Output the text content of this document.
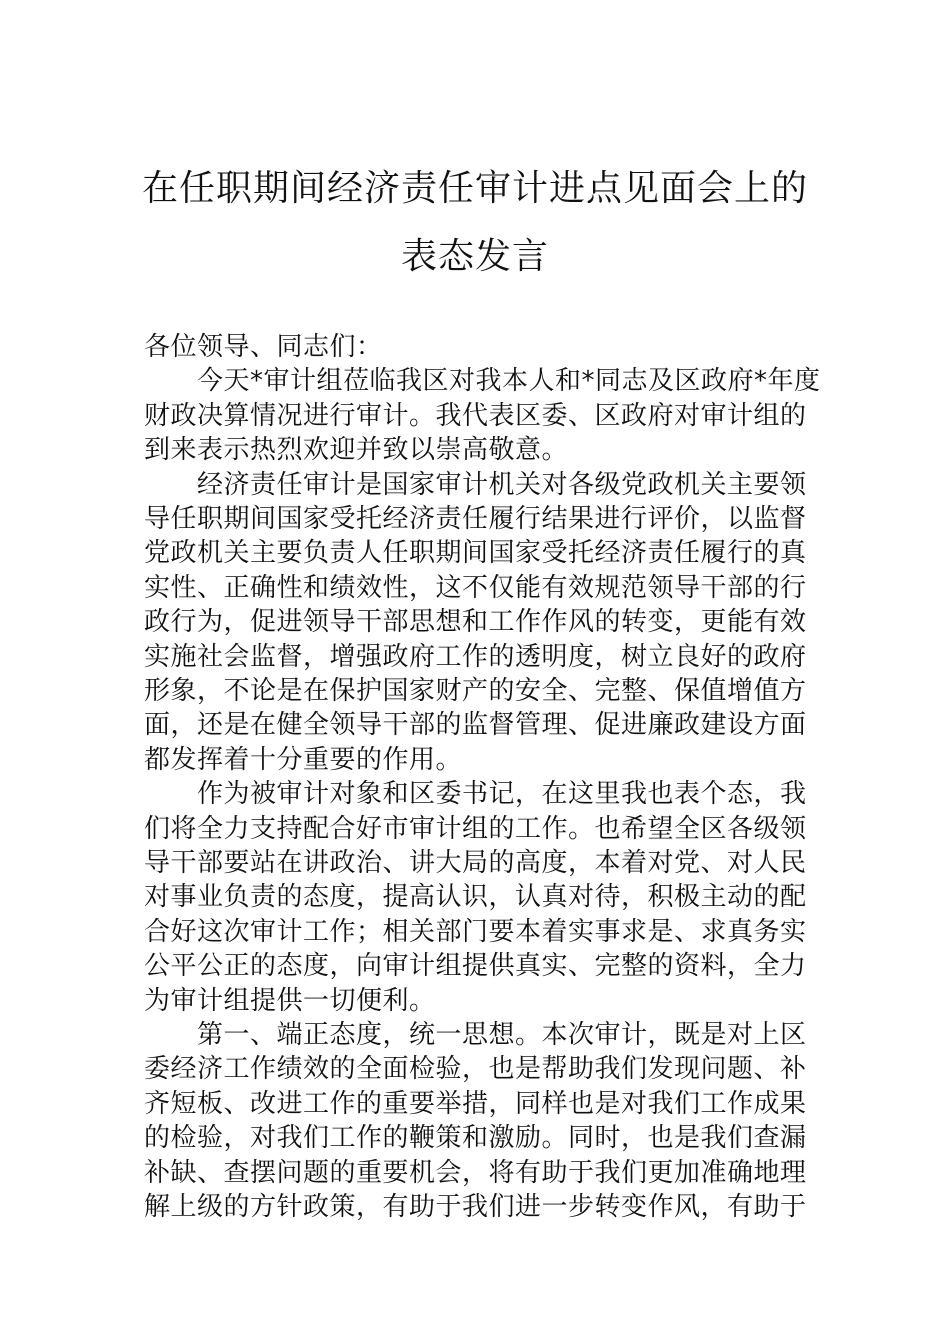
在任职期间经济责任审计进点见面会上的
表态发言

各位领导、同志们：

　　今天*审计组莅临我区对我本人和*同志及区政府*年度

财政决算情况进行审计。我代表区委、区政府对审计组的

到来表示热烈欢迎并致以崇高敬意。

　　经济责任审计是国家审计机关对各级党政机关主要领

导任职期间国家受托经济责任履行结果进行评价，以监督

党政机关主要负责人任职期间国家受托经济责任履行的真

实性、正确性和绩效性，这不仅能有效规范领导干部的行

政行为，促进领导干部思想和工作作风的转变，更能有效

实施社会监督，增强政府工作的透明度，树立良好的政府

形象，不论是在保护国家财产的安全、完整、保值增值方

面，还是在健全领导干部的监督管理、促进廉政建设方面

都发挥着十分重要的作用。

　　作为被审计对象和区委书记，在这里我也表个态，我

们将全力支持配合好市审计组的工作。也希望全区各级领

导干部要站在讲政治、讲大局的高度，本着对党、对人民

对事业负责的态度，提高认识，认真对待，积极主动的配

合好这次审计工作；相关部门要本着实事求是、求真务实

公平公正的态度，向审计组提供真实、完整的资料，全力

为审计组提供一切便利。

　　第一、端正态度，统一思想。本次审计，既是对上区

委经济工作绩效的全面检验，也是帮助我们发现问题、补

齐短板、改进工作的重要举措，同样也是对我们工作成果

的检验，对我们工作的鞭策和激励。同时，也是我们查漏

补缺、查摆问题的重要机会，将有助于我们更加准确地理

解上级的方针政策，有助于我们进一步转变作风，有助于
